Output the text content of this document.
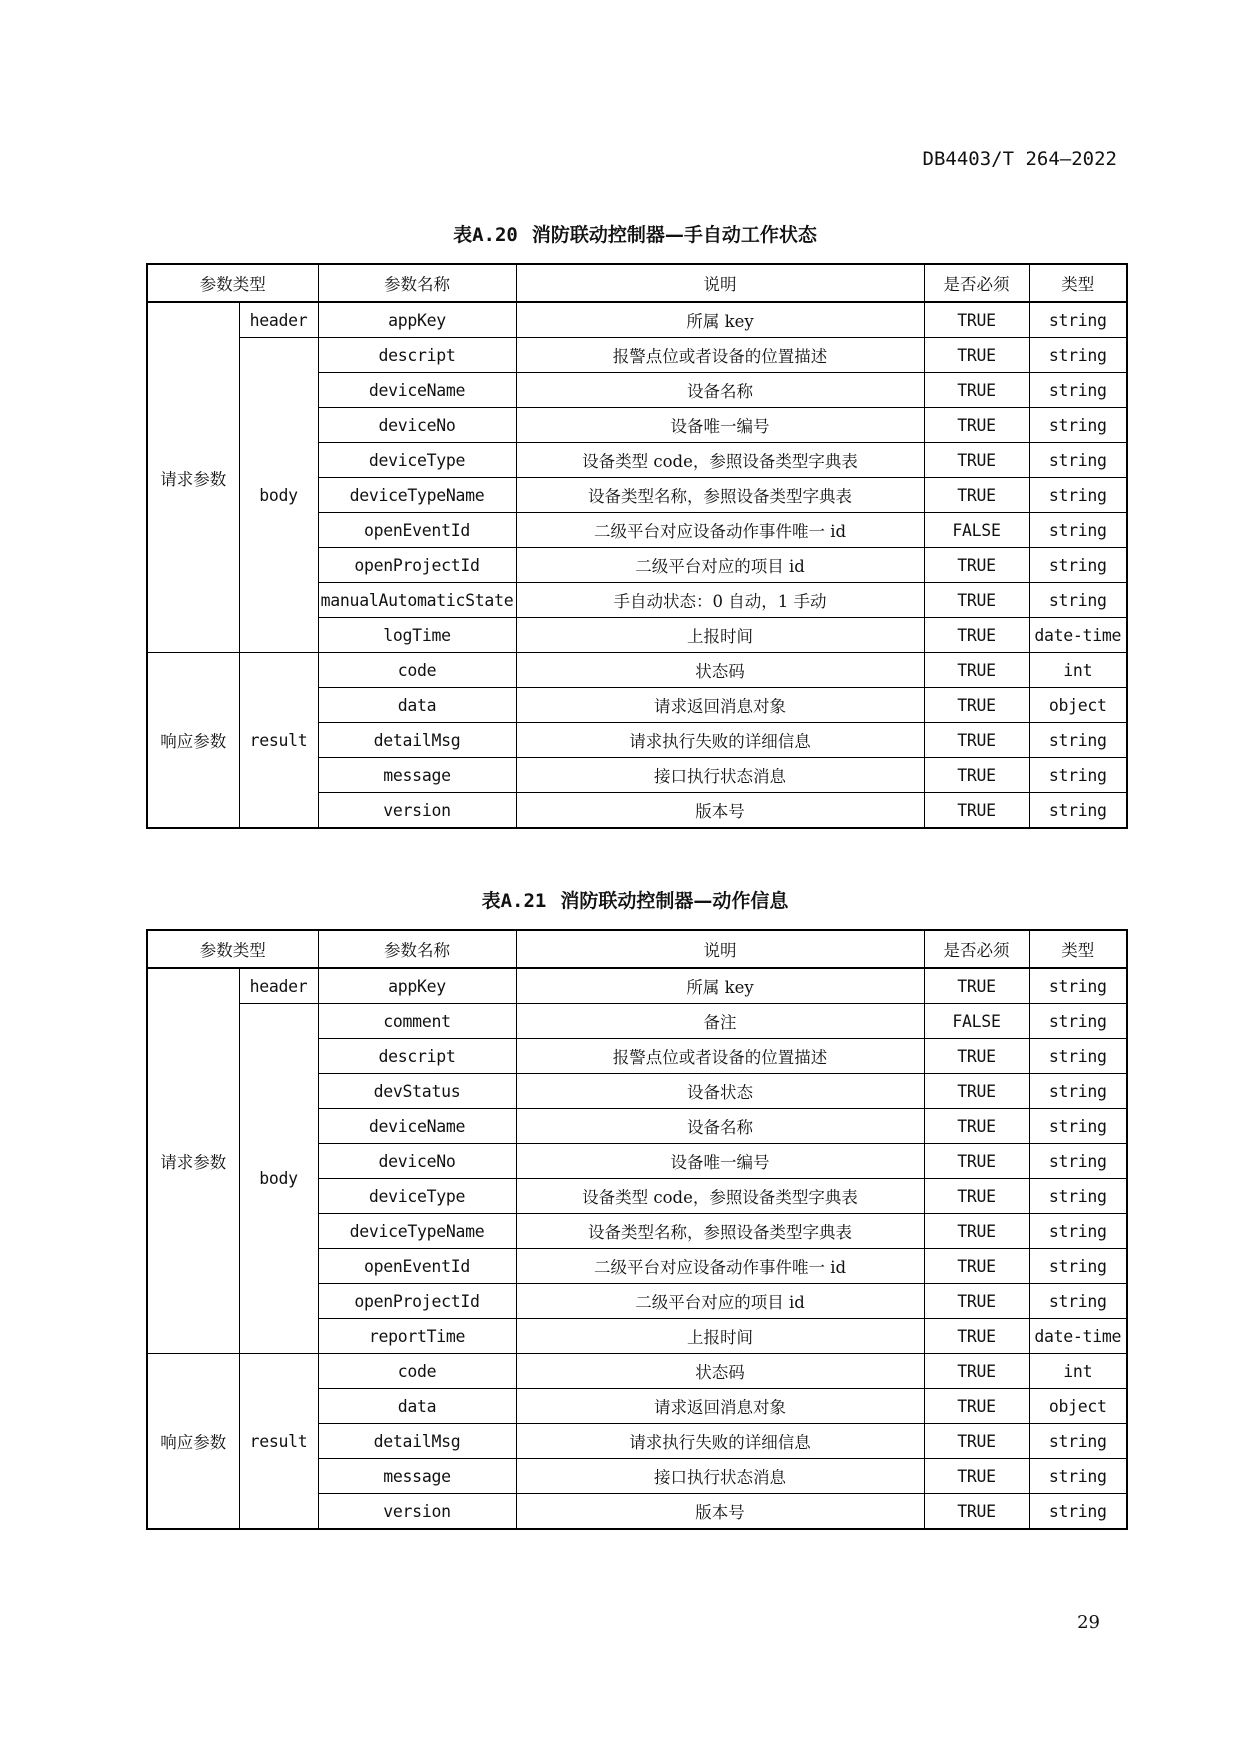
DB4403/T 264—2022
表A.20 消防联动控制器—手自动工作状态
参数类型		参数名称	说明	是否必须	类型
请求参数	header	appKey	所属 key	TRUE	string
	body	descript	报警点位或者设备的位置描述	TRUE	string
		deviceName	设备名称	TRUE	string
		deviceNo	设备唯一编号	TRUE	string
		deviceType	设备类型 code，参照设备类型字典表	TRUE	string
		deviceTypeName	设备类型名称，参照设备类型字典表	TRUE	string
		openEventId	二级平台对应设备动作事件唯一 id	FALSE	string
		openProjectId	二级平台对应的项目 id	TRUE	string
		manualAutomaticState	手自动状态：0 自动，1 手动	TRUE	string
		logTime	上报时间	TRUE	date-time
响应参数	result	code	状态码	TRUE	int
		data	请求返回消息对象	TRUE	object
		detailMsg	请求执行失败的详细信息	TRUE	string
		message	接口执行状态消息	TRUE	string
		version	版本号	TRUE	string
表A.21 消防联动控制器—动作信息
参数类型		参数名称	说明	是否必须	类型
请求参数	header	appKey	所属 key	TRUE	string
	body	comment	备注	FALSE	string
		descript	报警点位或者设备的位置描述	TRUE	string
		devStatus	设备状态	TRUE	string
		deviceName	设备名称	TRUE	string
		deviceNo	设备唯一编号	TRUE	string
		deviceType	设备类型 code，参照设备类型字典表	TRUE	string
		deviceTypeName	设备类型名称，参照设备类型字典表	TRUE	string
		openEventId	二级平台对应设备动作事件唯一 id	TRUE	string
		openProjectId	二级平台对应的项目 id	TRUE	string
		reportTime	上报时间	TRUE	date-time
响应参数	result	code	状态码	TRUE	int
		data	请求返回消息对象	TRUE	object
		detailMsg	请求执行失败的详细信息	TRUE	string
		message	接口执行状态消息	TRUE	string
		version	版本号	TRUE	string
29
